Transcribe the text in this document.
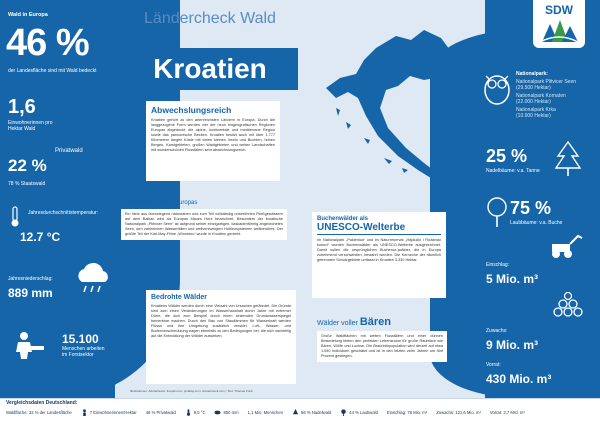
Wald in Europa
46 %
der Landesfläche sind mit Wald bedeckt
1,6
Einwohnerinnen pro Hektar Wald
Privatwald
22 %
78 % Staatswald
Jahresdurchschnittstemperatur:
12.7 °C
Jahresniederschlag:
889 mm
15.100
Menschen arbeiten im Forstsektor
Ländercheck Wald
Kroatien
Abwechslungsreich

Kroatien gehört zu den artenreichsten Ländern in Europa. Durch die langgezogene Form werden vier der neun biogeografischen Regionen Europas abgedeckt: die alpine, kontinentale und mediterrane Region sowie das pannonische Becken. Kroatien besitzt auch mit über 1.777 Kilometern langen Küste mit vielen kleinen Inseln und Buchten, hohen Bergen, Karstgebieten, großen Waldgebieten und weiten Landschaften mit wunderschönen Flusstälern sehr abwechslungsreich.

Blaues Herz Europas

Ein Netz aus überwiegend naturnahen und zum Teil vollständig unberührten Fließgewässern auf dem Balkan wird als Europas blaues Herz bezeichnet. Besonders der kroatische Nationalpark „Plitvicer Seen“ ist aufgrund seiner einzigartigen, kaskadenförmig angeordneten Seen, den zahlreichen Wasserfällen und weitverzweigten Höhlensystemen weltberühmt. Der größte Teil der Karl-May-Filme „Winnetou“ wurde in Kroatien gedreht.

Bedrohte Wälder

Kroatiens Wälder werden durch eine Vielzahl von Ursachen gefährdet. Die Gründe sind zum einen Veränderungen im Wasserhaushalt durch Jahre mit extremer Dürre, die sich zum Beispiel durch einen sinkenden Grundwasserspiegel bemerkbar machen. Durch den Bau von Staudämmen für Wasserkraft werden Flüsse und ihre Umgebung zusätzlich zerstört. Luft-, Wasser- und Bodenverschmutzung tragen ebenfalls zu den Bedingungen bei, die sich nachteilig auf die Entwicklung der Wälder auswirken.

Illustrationen: Adobe/stock, freepik.com, pixabay.com, shutterstock.com | Text: Thomas Funk
Buchenwälder als
UNESCO-Welterbe

Im Nationalpark „Paklenica“ und im Naturreservat „Hajdučki i Rožanski kukovi“ wurden Buchenwälder als UNESCO-Welterbe ausgezeichnet. Damit sollen die ursprünglichen Buchenur-)wälder, die in Europa zunehmend verschwinden, bewahrt werden. Die Kernzone der räumlich getrennten Schutzgebiete umfasst in Kroatien 3.330 Hektar.

Wälder voller Bären

Große Waldflächen mit weiten Flusstälern und einer dünnen Besiedelung bieten den perfekten Lebensraum für große Raubtiere wie Bären, Wölfe und Luchse. Die Braunbärpopulation wird derzeit auf etwa 1.050 Individuen geschätzt und ist in den letzten zehn Jahren um fünf Prozent gestiegen.

SDW
Nationalpark:
Nationalpark Plitvicer Seen
(29.500 Hektar)
Nationalpark Kornaten
(22.000 Hektar)
Nationalpark Krka
(10.900 Hektar)
25 %
Nadelbäume: v.a. Tanne
75 %
Laubbäume: v.a. Buche
Einschlag:
5 Mio. m³
Zuwachs:
9 Mio. m³
Vorrat:
430 Mio. m³
Vergleichsdaten Deutschland:
Waldfläche: 32 % der Landesfläche	7 Einwohnerinnen/Hektar 48 % Privatwald	9,5 °C	850 mm 1,1 Mio. Menschen	56 % Nadelwald	44 % Laubwald Einschlag: 76 Mio. m³ Zuwachs: 121,6 Mio. m³ Vorrat: 3,7 Mrd. m³
